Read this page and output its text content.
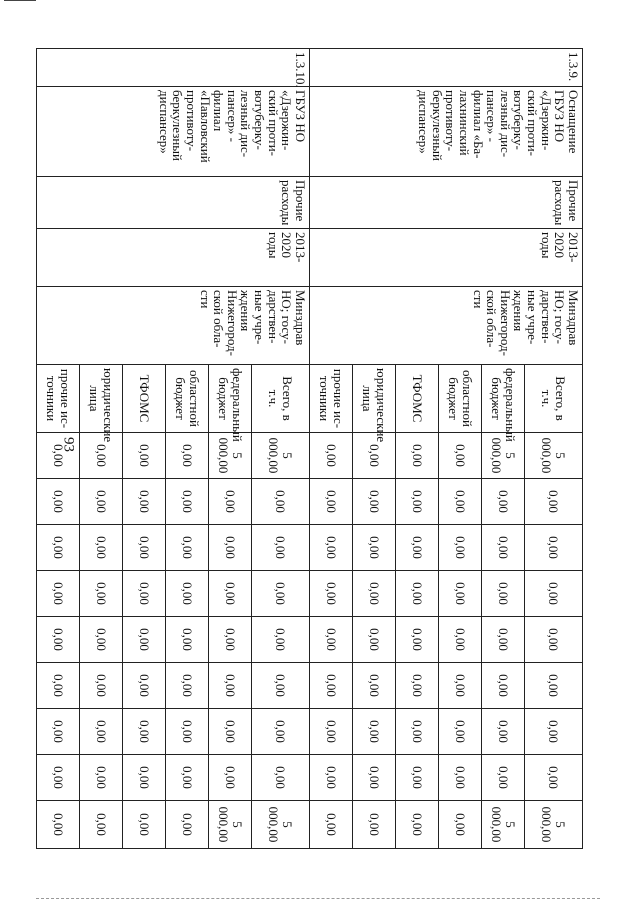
93
1.3.9.	Оснащение ГБУЗ НО «Дзержин-ский проти-вотуберку-лезный дис-пансер» - филиал «Ба-лахнинский противоту-беркулезный диспансер»	Прочие расходы	2013-2020 годы	Минздрав НО; госу-дарствен-ные учре-ждения Нижегород-ской обла-сти	Всего, в т.ч.	5 000,00	0,00	0,00	0,00	0,00	0,00	0,00	0,00	5 000,00
					федеральный бюджет	5 000,00	0,00	0,00	0,00	0,00	0,00	0,00	0,00	5 000,00
					областной бюджет	0,00	0,00	0,00	0,00	0,00	0,00	0,00	0,00	0,00
					ТФОМС	0,00	0,00	0,00	0,00	0,00	0,00	0,00	0,00	0,00
					юридические лица	0,00	0,00	0,00	0,00	0,00	0,00	0,00	0,00	0,00
					прочие ис-точники	0,00	0,00	0,00	0,00	0,00	0,00	0,00	0,00	0,00
1.3.10.	ГБУЗ НО «Дзержин-ский проти-вотуберку-лезный дис-пансер» - филиал «Павловский противоту-беркулезный диспансер»	Прочие расходы	2013-2020 годы	Минздрав НО; госу-дарствен-ные учре-ждения Нижегород-ской обла-сти	Всего, в т.ч.	5 000,00	0,00	0,00	0,00	0,00	0,00	0,00	0,00	5 000,00
					федеральный бюджет	5 000,00	0,00	0,00	0,00	0,00	0,00	0,00	0,00	5 000,00
					областной бюджет	0,00	0,00	0,00	0,00	0,00	0,00	0,00	0,00	0,00
					ТФОМС	0,00	0,00	0,00	0,00	0,00	0,00	0,00	0,00	0,00
					юридические лица	0,00	0,00	0,00	0,00	0,00	0,00	0,00	0,00	0,00
					прочие ис-точники	0,00	0,00	0,00	0,00	0,00	0,00	0,00	0,00	0,00
